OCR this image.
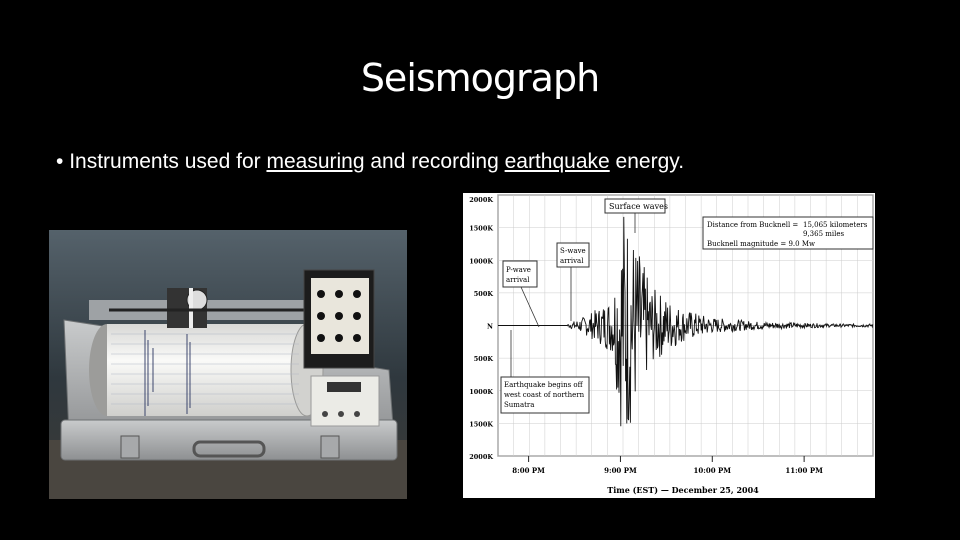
Seismograph
• Instruments used for measuring and recording earthquake energy.
2000K
1500K
1000K
500K
N
500K
1000K
1500K
2000K
8:00 PM	9:00 PM	10:00 PM	11:00 PM
Surface waves
Distance from Bucknell = 15,065 kilometers
9,365 miles
Bucknell magnitude = 9.0 Mw
S-wave
arrival
P-wave
arrival
Earthquake begins off
west coast of northern
Sumatra
Time (EST) — December 25, 2004
